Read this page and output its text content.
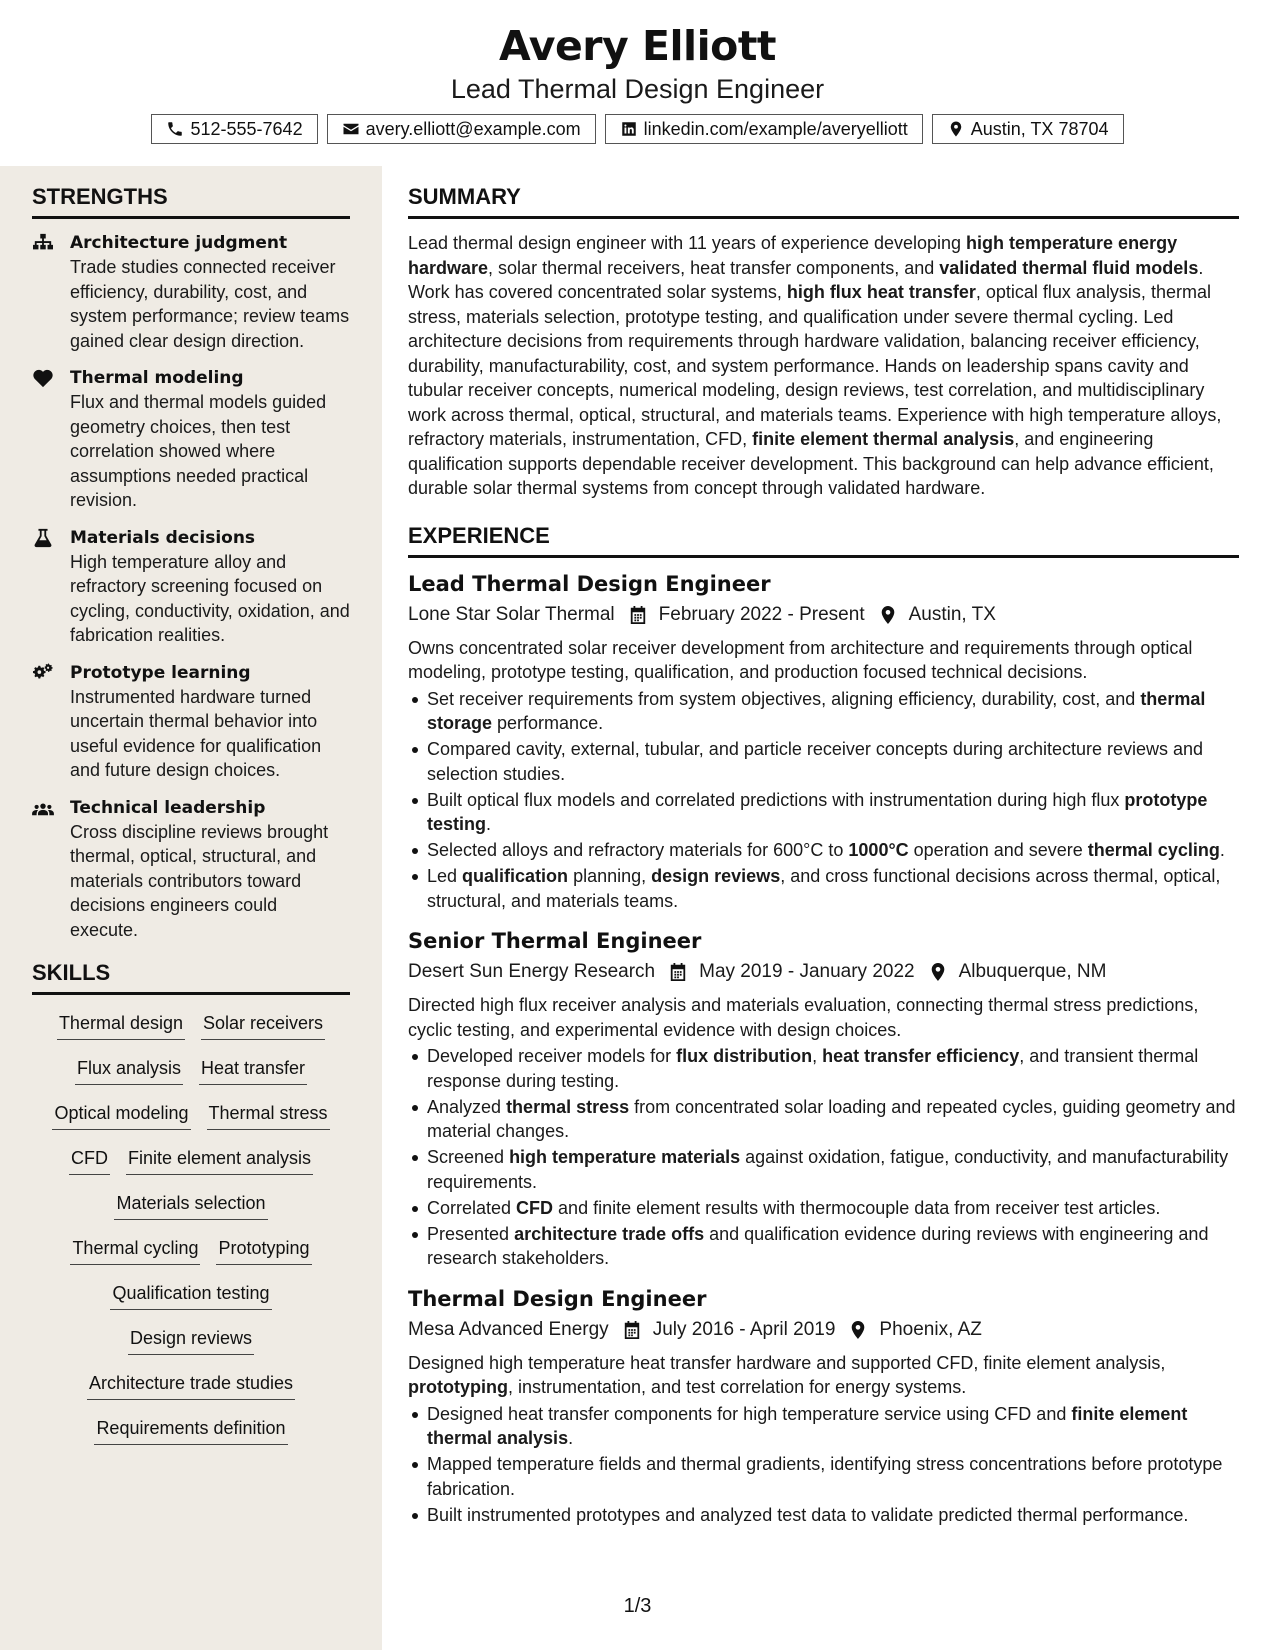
Avery Elliott
Lead Thermal Design Engineer
512-555-7642	avery.elliott@example.com	linkedin.com/example/averyelliott	Austin, TX 78704
STRENGTHS
Architecture judgment
Trade studies connected receiver efficiency, durability, cost, and system performance; review teams gained clear design direction.
Thermal modeling
Flux and thermal models guided geometry choices, then test correlation showed where assumptions needed practical revision.
Materials decisions
High temperature alloy and refractory screening focused on cycling, conductivity, oxidation, and fabrication realities.
Prototype learning
Instrumented hardware turned uncertain thermal behavior into useful evidence for qualification and future design choices.
Technical leadership
Cross discipline reviews brought thermal, optical, structural, and materials contributors toward decisions engineers could execute.
SKILLS
Thermal design Solar receivers
Flux analysis Heat transfer
Optical modeling Thermal stress
CFD Finite element analysis
Materials selection
Thermal cycling Prototyping
Qualification testing
Design reviews
Architecture trade studies
Requirements definition
SUMMARY
Lead thermal design engineer with 11 years of experience developing high temperature energy hardware, solar thermal receivers, heat transfer components, and validated thermal fluid models. Work has covered concentrated solar systems, high flux heat transfer, optical flux analysis, thermal stress, materials selection, prototype testing, and qualification under severe thermal cycling. Led architecture decisions from requirements through hardware validation, balancing receiver efficiency, durability, manufacturability, cost, and system performance. Hands on leadership spans cavity and tubular receiver concepts, numerical modeling, design reviews, test correlation, and multidisciplinary work across thermal, optical, structural, and materials teams. Experience with high temperature alloys, refractory materials, instrumentation, CFD, finite element thermal analysis, and engineering qualification supports dependable receiver development. This background can help advance efficient, durable solar thermal systems from concept through validated hardware.
EXPERIENCE
Lead Thermal Design Engineer
Lone Star Solar Thermal February 2022 - Present Austin, TX
Owns concentrated solar receiver development from architecture and requirements through optical modeling, prototype testing, qualification, and production focused technical decisions.
Set receiver requirements from system objectives, aligning efficiency, durability, cost, and thermal storage performance.
Compared cavity, external, tubular, and particle receiver concepts during architecture reviews and selection studies.
Built optical flux models and correlated predictions with instrumentation during high flux prototype testing.
Selected alloys and refractory materials for 600°C to 1000°C operation and severe thermal cycling.
Led qualification planning, design reviews, and cross functional decisions across thermal, optical, structural, and materials teams.
Senior Thermal Engineer
Desert Sun Energy Research May 2019 - January 2022 Albuquerque, NM
Directed high flux receiver analysis and materials evaluation, connecting thermal stress predictions, cyclic testing, and experimental evidence with design choices.
Developed receiver models for flux distribution, heat transfer efficiency, and transient thermal response during testing.
Analyzed thermal stress from concentrated solar loading and repeated cycles, guiding geometry and material changes.
Screened high temperature materials against oxidation, fatigue, conductivity, and manufacturability requirements.
Correlated CFD and finite element results with thermocouple data from receiver test articles.
Presented architecture trade offs and qualification evidence during reviews with engineering and research stakeholders.
Thermal Design Engineer
Mesa Advanced Energy July 2016 - April 2019 Phoenix, AZ
Designed high temperature heat transfer hardware and supported CFD, finite element analysis, prototyping, instrumentation, and test correlation for energy systems.
Designed heat transfer components for high temperature service using CFD and finite element thermal analysis.
Mapped temperature fields and thermal gradients, identifying stress concentrations before prototype fabrication.
Built instrumented prototypes and analyzed test data to validate predicted thermal performance.
1/3
